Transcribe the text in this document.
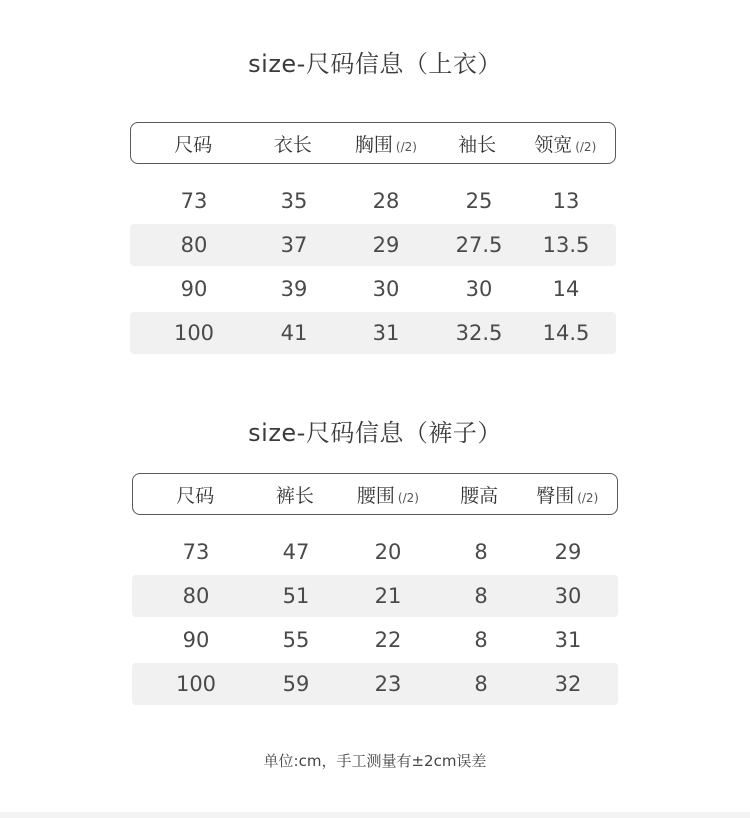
size-尺码信息（上衣）
尺码	衣长	胸围 (/2)	袖长	领宽 (/2)
73	35	28	25	13
80	37	29	27.5	13.5
90	39	30	30	14
100	41	31	32.5	14.5
size-尺码信息（裤子）
尺码	裤长	腰围 (/2)	腰高	臀围 (/2)
73	47	20	8	29
80	51	21	8	30
90	55	22	8	31
100	59	23	8	32
单位:cm，手工测量有±2cm误差
